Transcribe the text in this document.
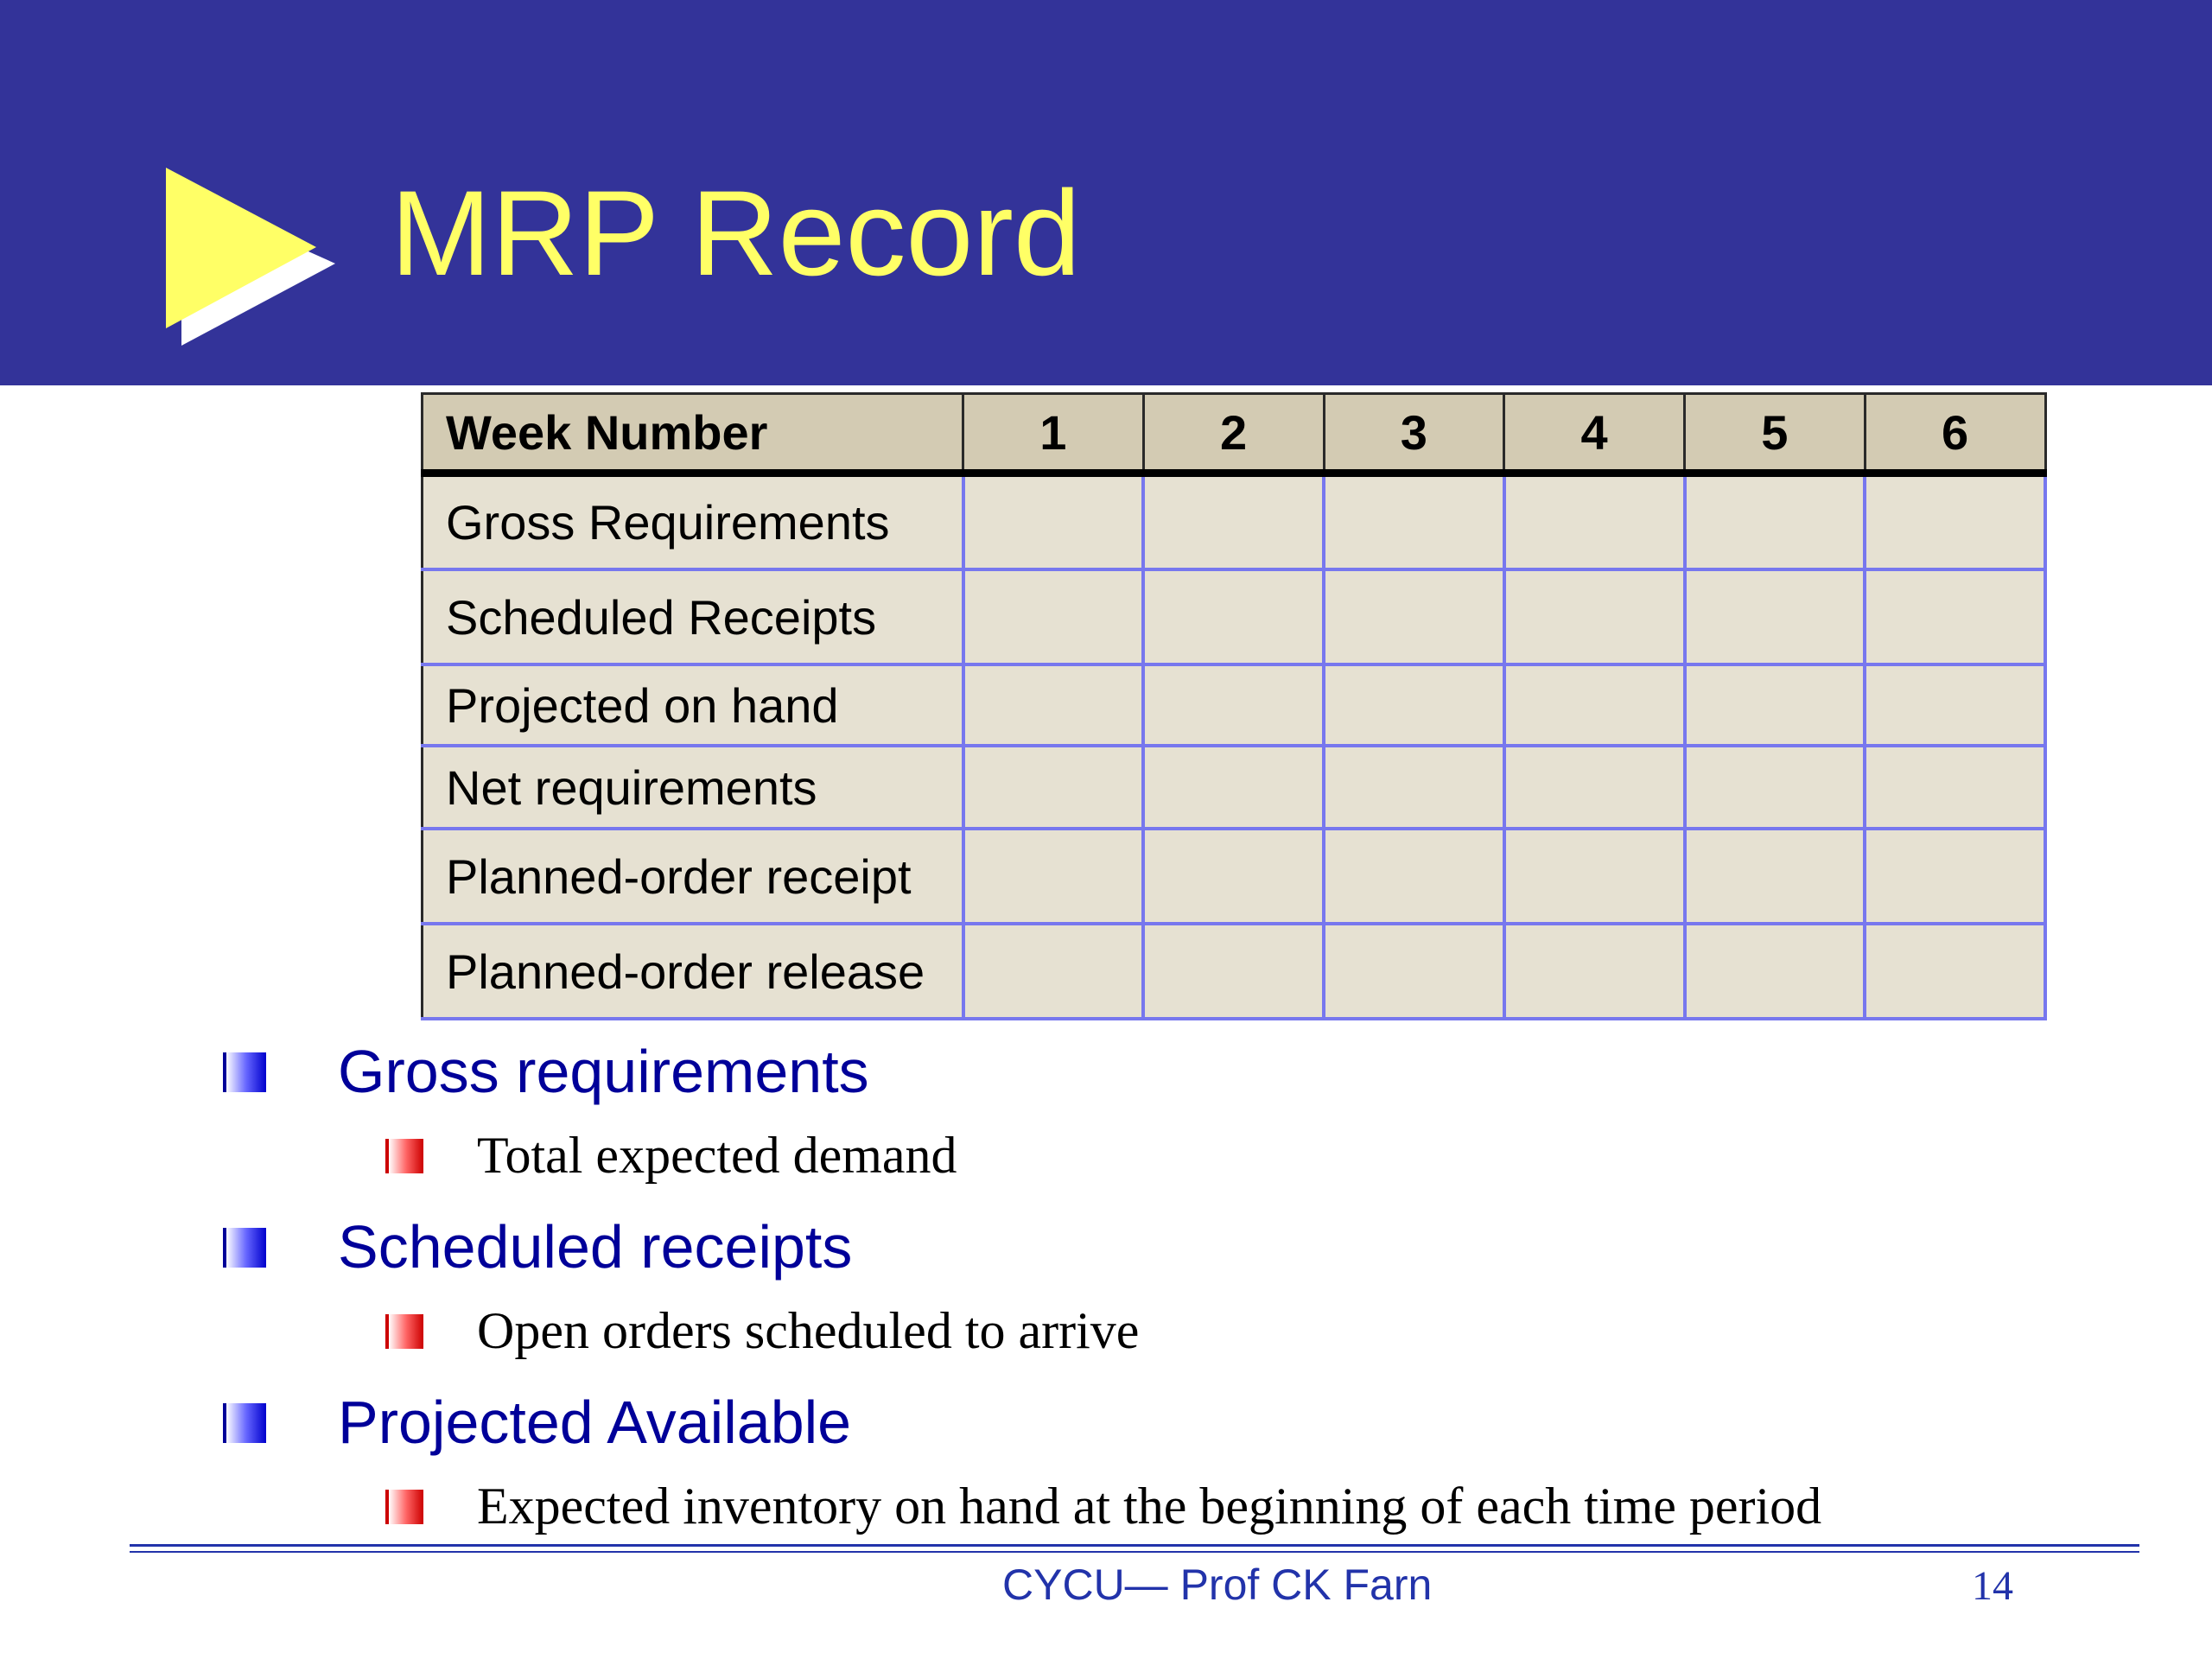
MRP Record
Week Number	1	2	3	4	5	6
Gross Requirements						
Scheduled Receipts						
Projected on hand						
Net requirements						
Planned-order receipt						
Planned-order release						
Gross requirements
Total expected demand
Scheduled receipts
Open orders scheduled to arrive
Projected Available
Expected inventory on hand at the beginning of each time period
CYCU— Prof CK Farn	14
